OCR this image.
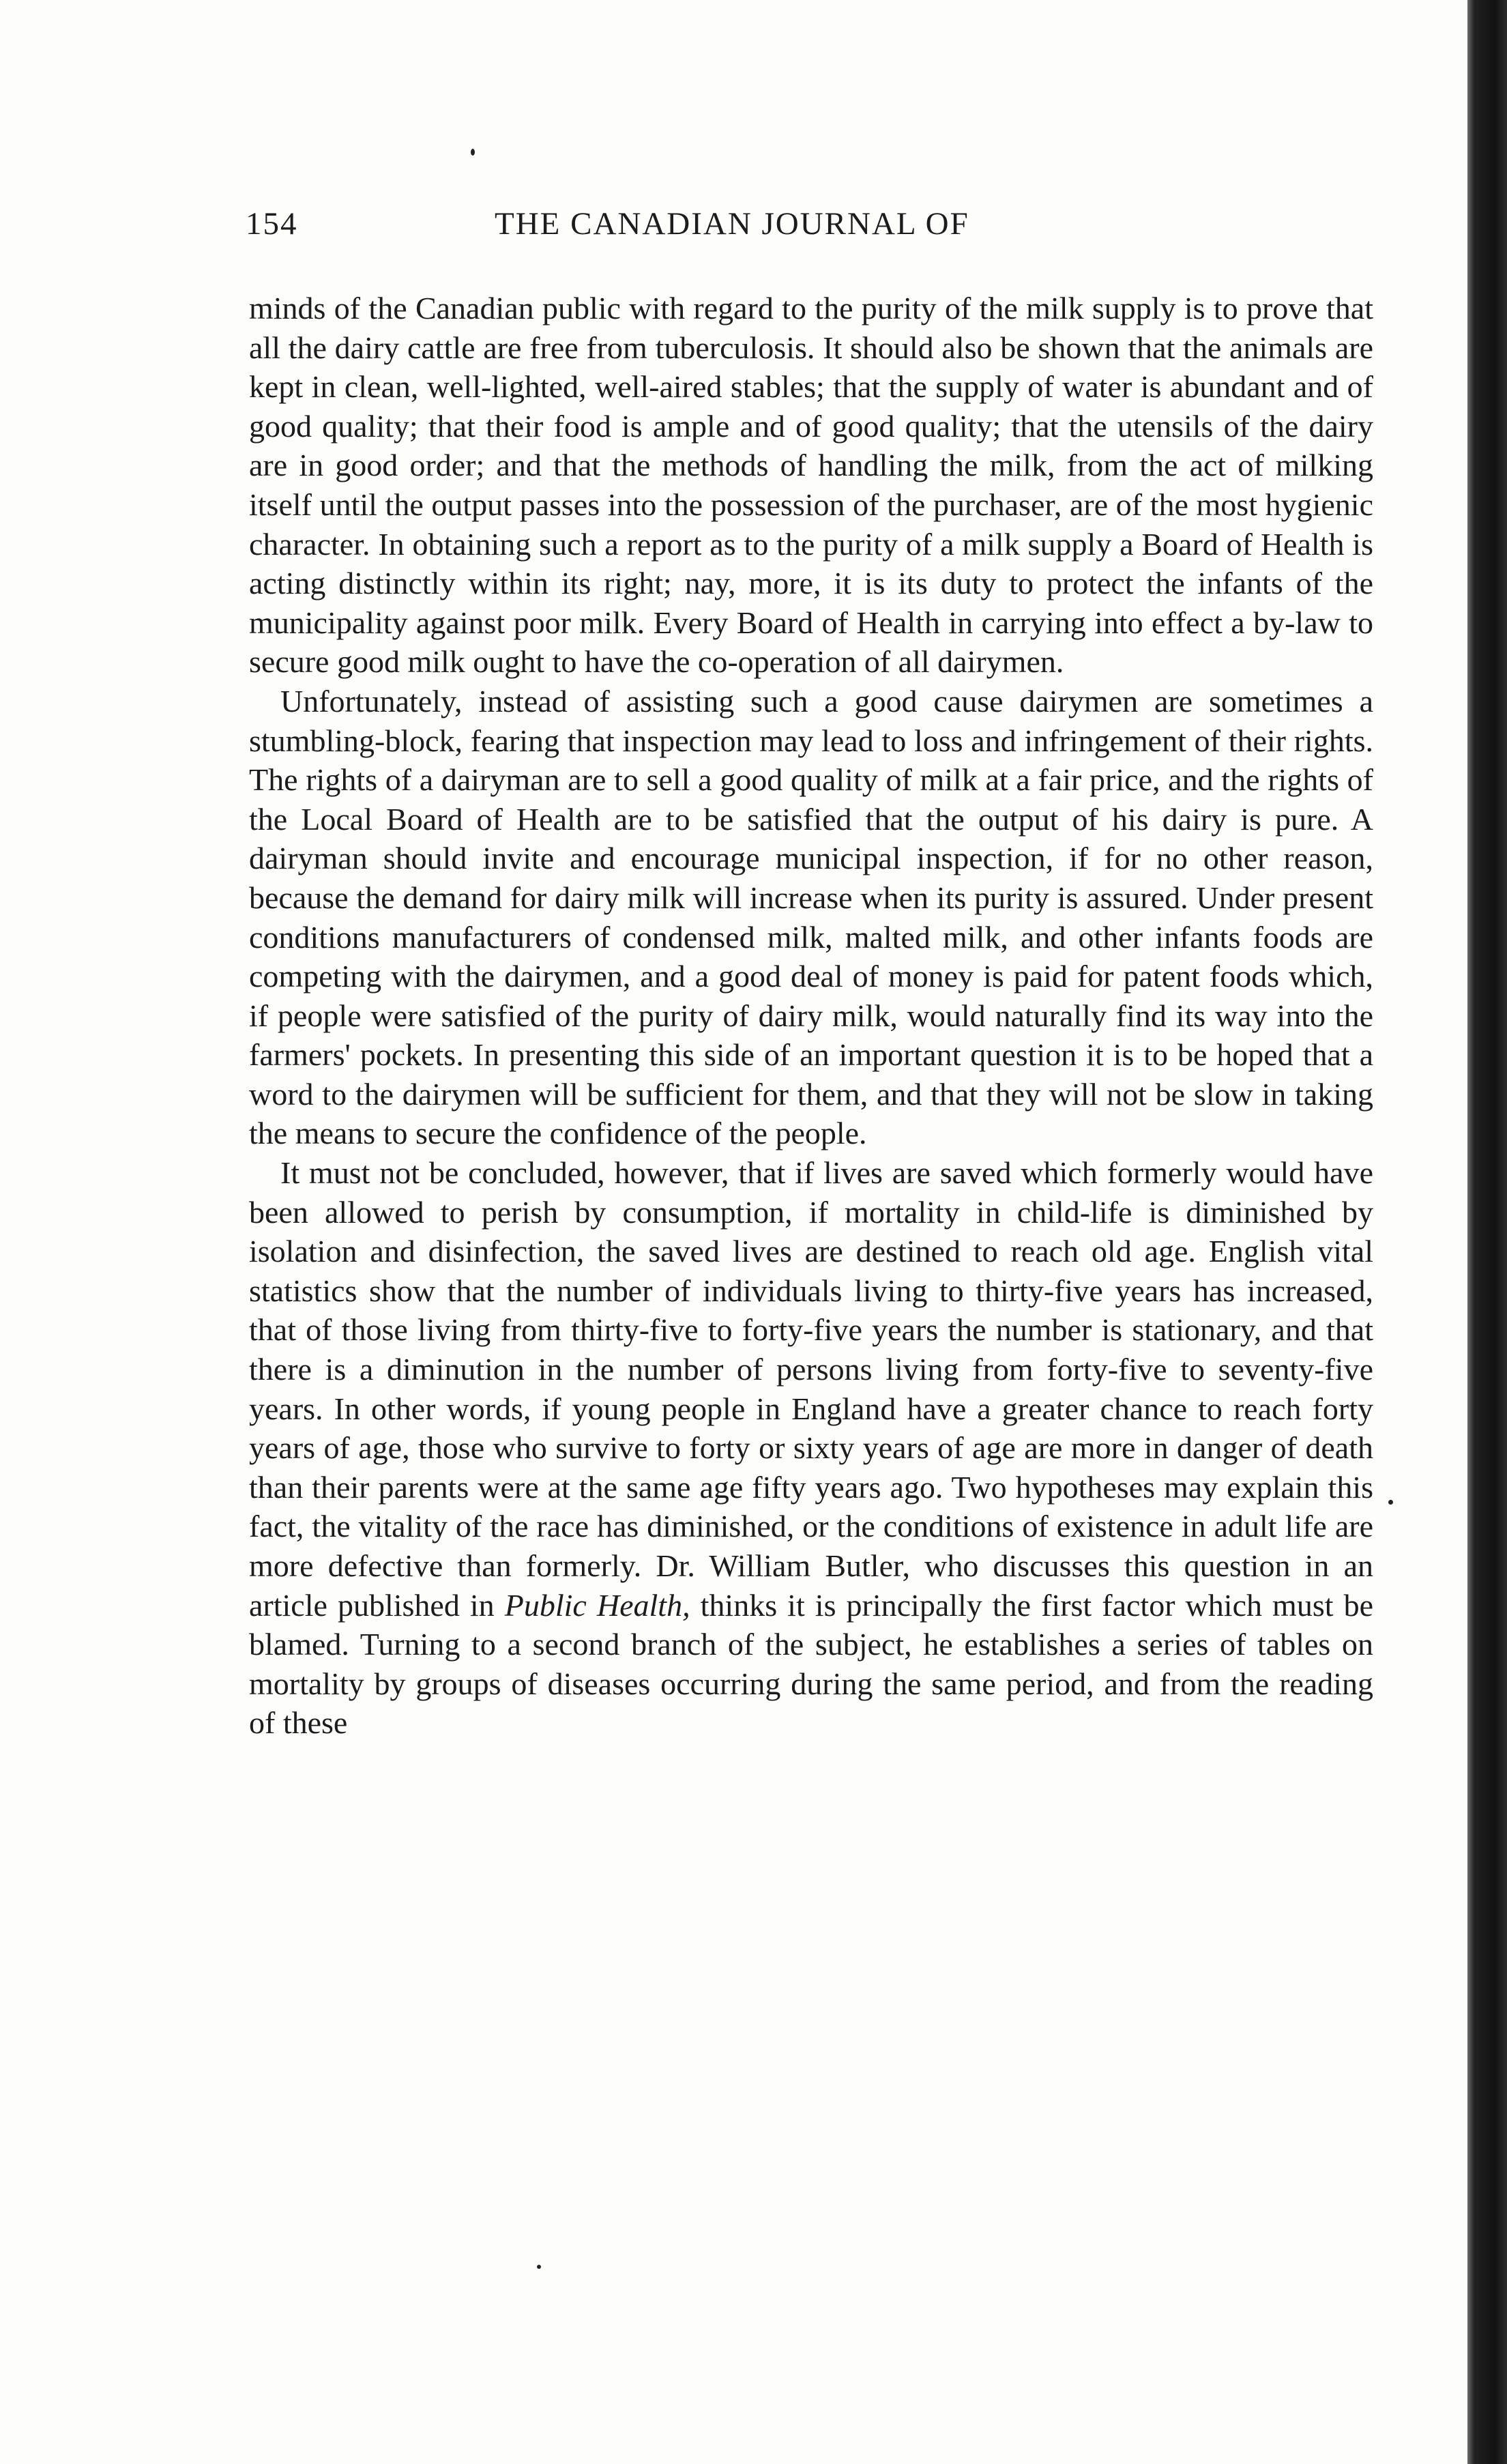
154	THE CANADIAN JOURNAL OF

minds of the Canadian public with regard to the purity of the milk supply is to prove that all the dairy cattle are free from tuberculosis. It should also be shown that the animals are kept in clean, well-lighted, well-aired stables; that the supply of water is abundant and of good quality; that their food is ample and of good quality; that the utensils of the dairy are in good order; and that the methods of handling the milk, from the act of milking itself until the output passes into the possession of the purchaser, are of the most hygienic character. In obtaining such a report as to the purity of a milk supply a Board of Health is acting distinctly within its right; nay, more, it is its duty to protect the infants of the municipality against poor milk. Every Board of Health in carrying into effect a by-law to secure good milk ought to have the co-operation of all dairymen.

Unfortunately, instead of assisting such a good cause dairymen are sometimes a stumbling-block, fearing that inspection may lead to loss and infringement of their rights. The rights of a dairyman are to sell a good quality of milk at a fair price, and the rights of the Local Board of Health are to be satisfied that the output of his dairy is pure. A dairyman should invite and encourage municipal inspection, if for no other reason, because the demand for dairy milk will increase when its purity is assured. Under present conditions manufacturers of condensed milk, malted milk, and other infants foods are competing with the dairymen, and a good deal of money is paid for patent foods which, if people were satisfied of the purity of dairy milk, would naturally find its way into the farmers' pockets. In presenting this side of an important question it is to be hoped that a word to the dairymen will be sufficient for them, and that they will not be slow in taking the means to secure the confidence of the people.

It must not be concluded, however, that if lives are saved which formerly would have been allowed to perish by consumption, if mortality in child-life is diminished by isolation and disinfection, the saved lives are destined to reach old age. English vital statistics show that the number of individuals living to thirty-five years has increased, that of those living from thirty-five to forty-five years the number is stationary, and that there is a diminution in the number of persons living from forty-five to seventy-five years. In other words, if young people in England have a greater chance to reach forty years of age, those who survive to forty or sixty years of age are more in danger of death than their parents were at the same age fifty years ago. Two hypotheses may explain this fact, the vitality of the race has diminished, or the conditions of existence in adult life are more defective than formerly. Dr. William Butler, who discusses this question in an article published in Public Health, thinks it is principally the first factor which must be blamed. Turning to a second branch of the subject, he establishes a series of tables on mortality by groups of diseases occurring during the same period, and from the reading of these
